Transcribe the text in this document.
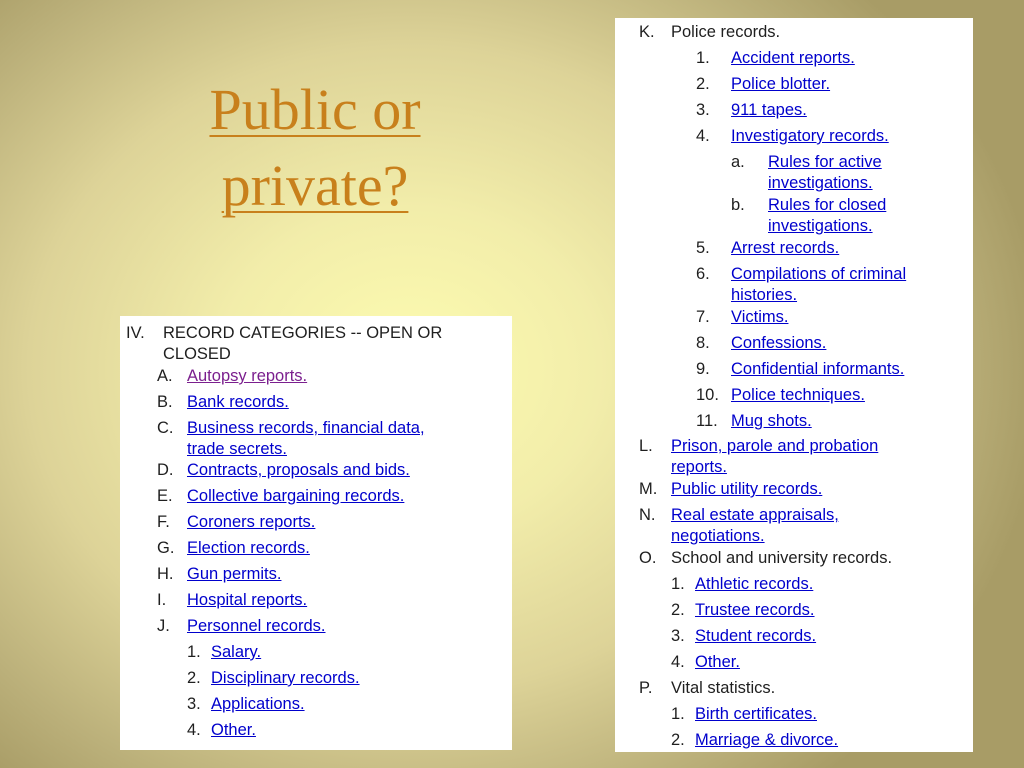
Public or
private?
IV. RECORD CATEGORIES -- OPEN OR
CLOSED
A. Autopsy reports.
B. Bank records.
C. Business records, financial data,
trade secrets.
D. Contracts, proposals and bids.
E. Collective bargaining records.
F. Coroners reports.
G. Election records.
H. Gun permits.
I. Hospital reports.
J. Personnel records.
1. Salary.
2. Disciplinary records.
3. Applications.
4. Other.
K. Police records.
1. Accident reports.
2. Police blotter.
3. 911 tapes.
4. Investigatory records.
a. Rules for active
investigations.
b. Rules for closed
investigations.
5. Arrest records.
6. Compilations of criminal
histories.
7. Victims.
8. Confessions.
9. Confidential informants.
10. Police techniques.
11. Mug shots.
L. Prison, parole and probation
reports.
M. Public utility records.
N. Real estate appraisals,
negotiations.
O. School and university records.
1. Athletic records.
2. Trustee records.
3. Student records.
4. Other.
P. Vital statistics.
1. Birth certificates.
2. Marriage & divorce.
